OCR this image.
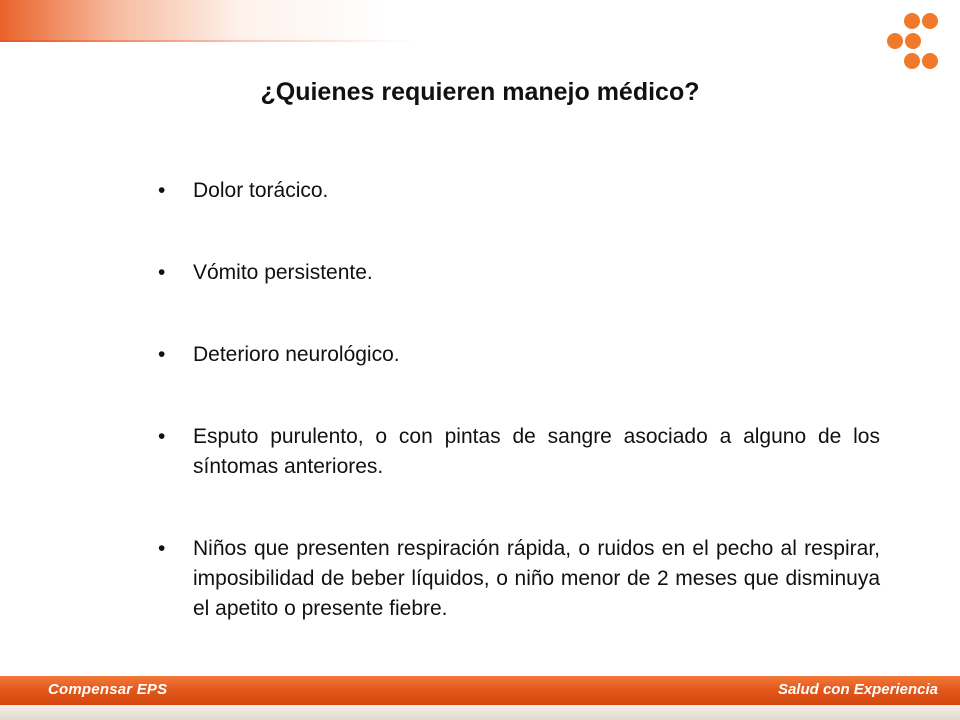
¿Quienes requieren manejo médico?
• Dolor torácico.
• Vómito persistente.
• Deterioro neurológico.
• Esputo purulento, o con pintas de sangre asociado a alguno de los síntomas anteriores.
• Niños que presenten respiración rápida, o ruidos en el pecho al respirar, imposibilidad de beber líquidos, o niño menor de 2 meses que disminuya el apetito o presente fiebre.
Compensar EPS	Salud con Experiencia
